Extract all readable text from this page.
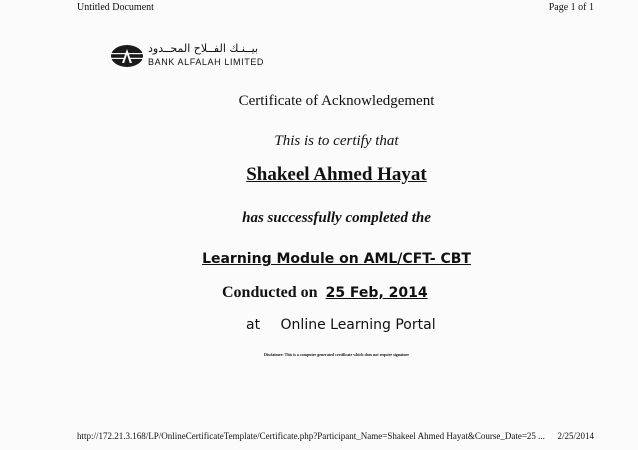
Untitled Document	Page 1 of 1
بيــنـك الفــلاح المحــدود
BANK ALFALAH LIMITED
Certificate of Acknowledgement
This is to certify that
Shakeel Ahmed Hayat
has successfully completed the
Learning Module on AML/CFT- CBT
Conducted on 25 Feb, 2014
at Online Learning Portal
Disclaimer: This is a computer generated certificate which does not require signature
http://172.21.3.168/LP/OnlineCertificateTemplate/Certificate.php?Participant_Name=Shakeel Ahmed Hayat&Course_Date=25 ... 2/25/2014
